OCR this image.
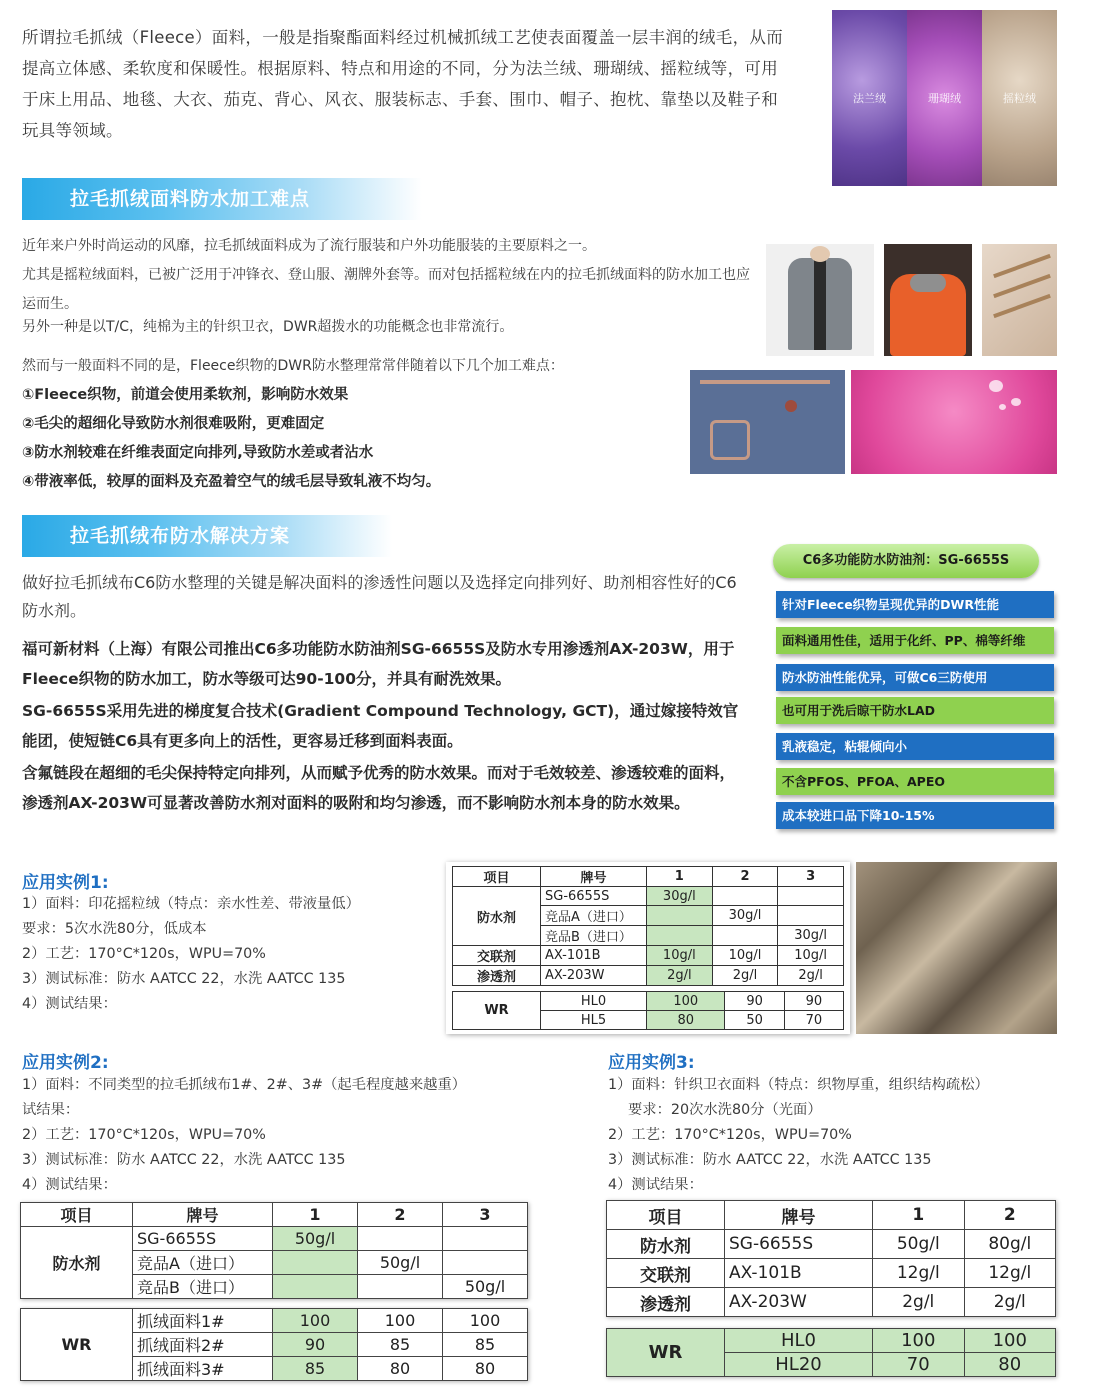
所谓拉毛抓绒（Fleece）面料，一般是指聚酯面料经过机械抓绒工艺使表面覆盖一层丰润的绒毛，从而提高立体感、柔软度和保暖性。根据原料、特点和用途的不同，分为法兰绒、珊瑚绒、摇粒绒等，可用于床上用品、地毯、大衣、茄克、背心、风衣、服装标志、手套、围巾、帽子、抱枕、靠垫以及鞋子和玩具等领域。
法兰绒	珊瑚绒	摇粒绒
拉毛抓绒面料防水加工难点
近年来户外时尚运动的风靡，拉毛抓绒面料成为了流行服装和户外功能服装的主要原料之一。
尤其是摇粒绒面料，已被广泛用于冲锋衣、登山服、潮牌外套等。而对包括摇粒绒在内的拉毛抓绒面料的防水加工也应运而生。
另外一种是以T/C，纯棉为主的针织卫衣，DWR超拨水的功能概念也非常流行。
然而与一般面料不同的是，Fleece织物的DWR防水整理常常伴随着以下几个加工难点：
①Fleece织物，前道会使用柔软剂，影响防水效果
②毛尖的超细化导致防水剂很难吸附，更难固定
③防水剂较难在纤维表面定向排列,导致防水差或者沾水
④带液率低，较厚的面料及充盈着空气的绒毛层导致轧液不均匀。
拉毛抓绒布防水解决方案
做好拉毛抓绒布C6防水整理的关键是解决面料的渗透性问题以及选择定向排列好、助剂相容性好的C6防水剂。
福可新材料（上海）有限公司推出C6多功能防水防油剂SG-6655S及防水专用渗透剂AX-203W，用于Fleece织物的防水加工，防水等级可达90-100分，并具有耐洗效果。
SG-6655S采用先进的梯度复合技术(Gradient Compound Technology, GCT)，通过嫁接特效官能团，使短链C6具有更多向上的活性，更容易迁移到面料表面。
含氟链段在超细的毛尖保持特定向排列，从而赋予优秀的防水效果。而对于毛效较差、渗透较难的面料，渗透剂AX-203W可显著改善防水剂对面料的吸附和均匀渗透，而不影响防水剂本身的防水效果。
C6多功能防水防油剂：SG-6655S
针对Fleece织物呈现优异的DWR性能
面料通用性佳，适用于化纤、PP、棉等纤维
防水防油性能优异，可做C6三防使用
也可用于洗后晾干防水LAD
乳液稳定，粘辊倾向小
不含PFOS、PFOA、APEO
成本较进口品下降10-15%
应用实例1:
1）面料：印花摇粒绒（特点：亲水性差、带液量低）
要求：5次水洗80分，低成本
2）工艺：170°C*120s，WPU=70%
3）测试标准：防水 AATCC 22，水洗 AATCC 135
4）测试结果：
项目	牌号	1	2	3
防水剂	SG-6655S	30g/l		
	竞品A（进口）		30g/l	
	竞品B（进口）			30g/l
交联剂	AX-101B	10g/l	10g/l	10g/l
渗透剂	AX-203W	2g/l	2g/l	2g/l
WR	HL0	100	90	90
	HL5	80	50	70
应用实例2:
1）面料：不同类型的拉毛抓绒布1#、2#、3#（起毛程度越来越重）
试结果：
2）工艺：170°C*120s，WPU=70%
3）测试标准：防水 AATCC 22，水洗 AATCC 135
4）测试结果：
项目	牌号	1	2	3
防水剂	SG-6655S	50g/l		
	竞品A（进口）		50g/l	
	竞品B（进口）			50g/l
WR	抓绒面料1#	100	100	100
	抓绒面料2#	90	85	85
	抓绒面料3#	85	80	80
应用实例3:
1）面料：针织卫衣面料（特点：织物厚重，组织结构疏松）
要求：20次水洗80分（光面）
2）工艺：170°C*120s，WPU=70%
3）测试标准：防水 AATCC 22，水洗 AATCC 135
4）测试结果：
项目	牌号	1	2
防水剂	SG-6655S	50g/l	80g/l
交联剂	AX-101B	12g/l	12g/l
渗透剂	AX-203W	2g/l	2g/l
WR	HL0	100	100
	HL20	70	80
